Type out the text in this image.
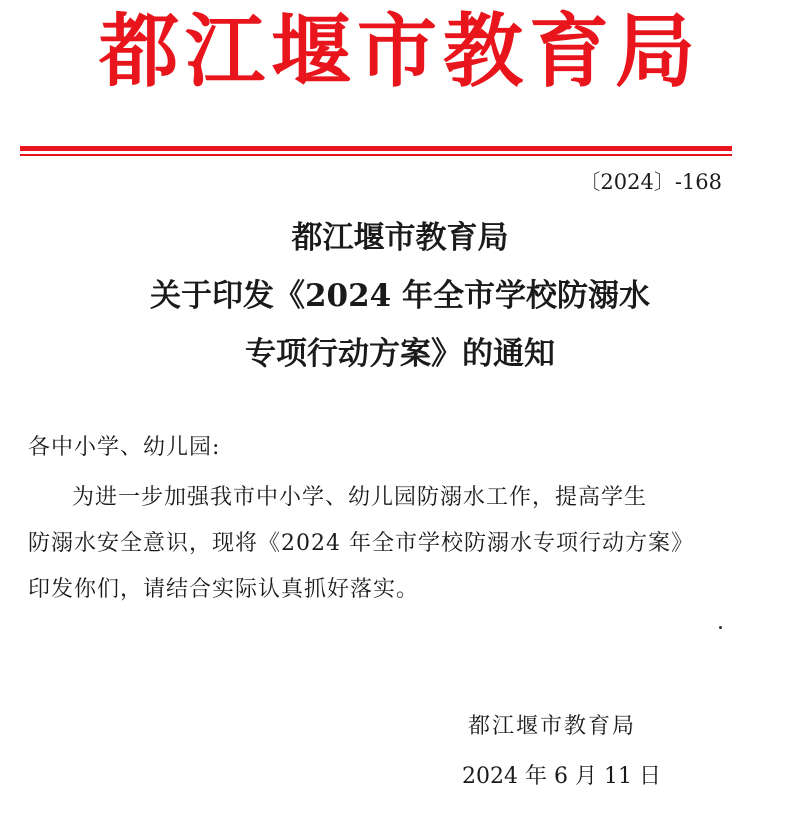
都江堰市教育局
〔2024〕-168
都江堰市教育局
关于印发《2024 年全市学校防溺水
专项行动方案》的通知
各中小学、幼儿园:
为进一步加强我市中小学、幼儿园防溺水工作，提高学生
防溺水安全意识，现将《2024 年全市学校防溺水专项行动方案》
印发你们，请结合实际认真抓好落实。
都江堰市教育局
2024 年 6 月 11 日
